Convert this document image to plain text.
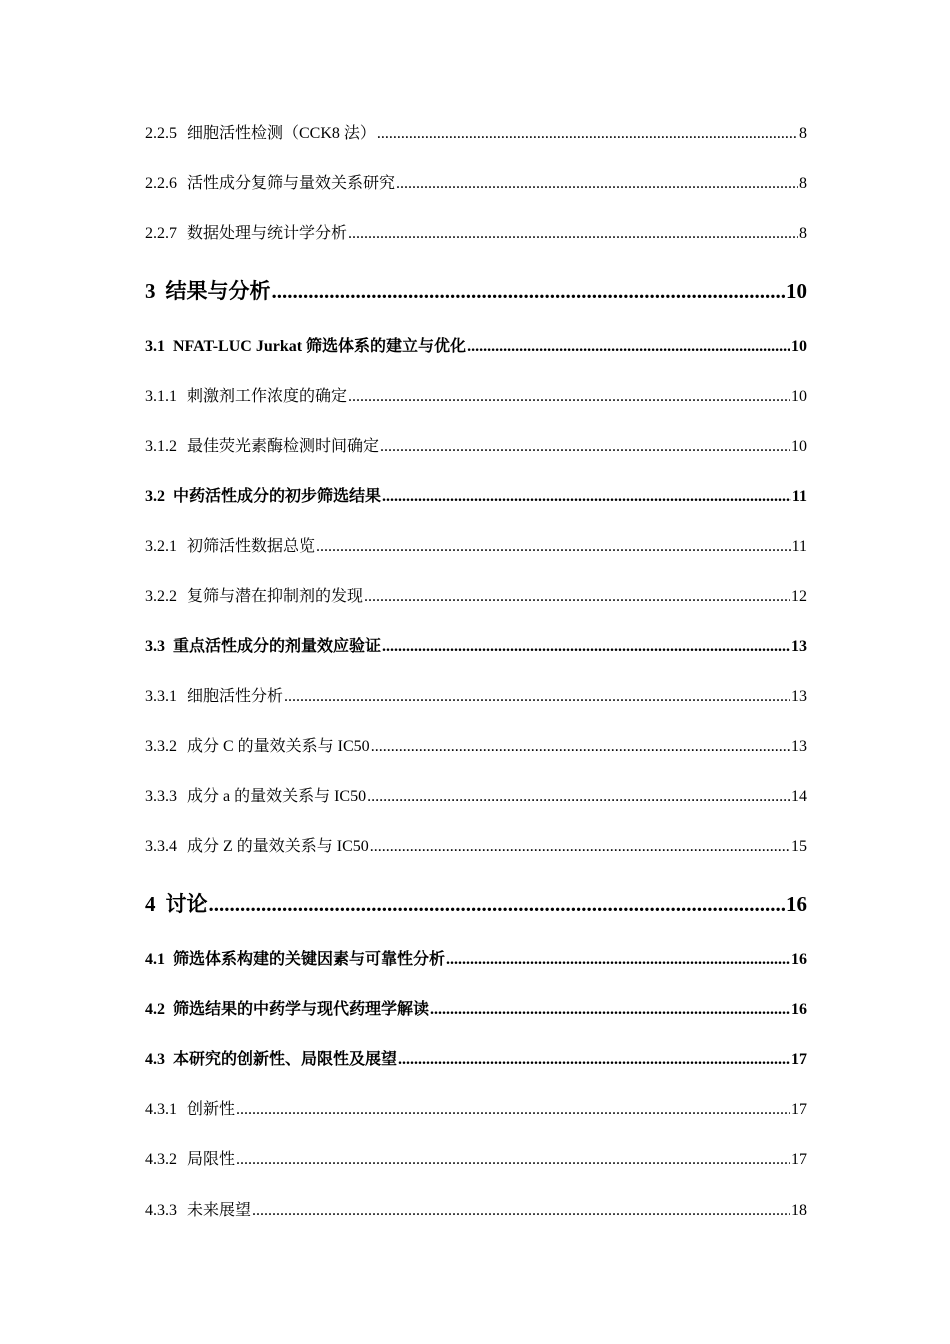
2.2.5 细胞活性检测（CCK8 法） .....	8
2.2.6 活性成分复筛与量效关系研究 .....	8
2.2.7 数据处理与统计学分析 .....	8
3 结果与分析 .....	10
3.1 NFAT-LUC Jurkat 筛选体系的建立与优化 .....	10
3.1.1 刺激剂工作浓度的确定 .....	10
3.1.2 最佳荧光素酶检测时间确定 .....	10
3.2 中药活性成分的初步筛选结果 .....	11
3.2.1 初筛活性数据总览 .....	11
3.2.2 复筛与潜在抑制剂的发现 .....	12
3.3 重点活性成分的剂量效应验证 .....	13
3.3.1 细胞活性分析 .....	13
3.3.2 成分 C 的量效关系与 IC50 .....	13
3.3.3 成分 a 的量效关系与 IC50 .....	14
3.3.4 成分 Z 的量效关系与 IC50 .....	15
4 讨论 .....	16
4.1 筛选体系构建的关键因素与可靠性分析 .....	16
4.2 筛选结果的中药学与现代药理学解读 .....	16
4.3 本研究的创新性、局限性及展望 .....	17
4.3.1 创新性 .....	17
4.3.2 局限性 .....	17
4.3.3 未来展望 .....	18
